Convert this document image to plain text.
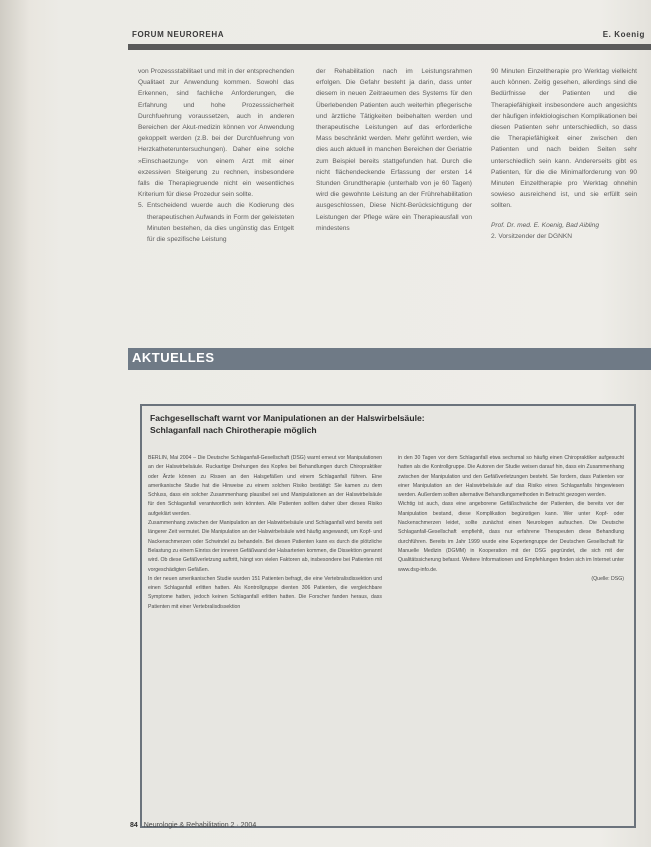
FORUM NEUROREHA	E. Koenig

von Prozessstabilitaet und mit in der entsprechenden Qualitaet zur Anwendung kommen. Sowohl das Erkennen, sind fachliche Anforderungen, die Erfahrung und hohe Prozesssicherheit Durchfuehrung voraussetzen, auch in anderen Bereichen der Akut-medizin können vor Anwendung gekoppelt werden (z.B. bei der Durchfuehrung von Herzkatheteruntersuchungen). Daher eine solche »Einschaetzung« von einem Arzt mit einer exzessiven Steigerung zu rechnen, insbesondere falls die Therapiegruende nicht ein wesentliches Kriterium für diese Prozedur sein sollte.

5. Entscheidend wuerde auch die Kodierung des therapeutischen Aufwands in Form der geleisteten Minuten bestehen, da dies ungünstig das Entgelt für die spezifische Leistung

der Rehabilitation nach im Leistungsrahmen erfolgen. Die Gefahr besteht ja darin, dass unter diesem in neuen Zeitraeumen des Systems für den Überlebenden Patienten auch weiterhin pflegerische und ärztliche Tätigkeiten beibehalten werden und therapeutische Leistungen auf das erforderliche Mass beschränkt werden. Mehr geführt werden, wie dies auch aktuell in manchen Bereichen der Geriatrie zum Beispiel bereits stattgefunden hat. Durch die nicht flächendeckende Erfassung der ersten 14 Stunden Grundtherapie (unterhalb von je 60 Tagen) wird die gewohnte Leistung an der Frührehabilitation ausgeschlossen, Diese Nicht-Berücksichtigung der Leistungen der Pflege wäre ein Therapieausfall von mindestens

90 Minuten Einzeltherapie pro Werktag vielleicht auch können. Zeitig gesehen, allerdings sind die Bedürfnisse der Patienten und die Therapiefähigkeit insbesondere auch angesichts der häufigen infektiologischen Komplikationen bei diesen Patienten sehr unterschiedlich, so dass die Therapiefähigkeit einer zwischen den Patienten und nach beiden Seiten sehr unterschiedlich sein kann. Andererseits gibt es Patienten, für die die Minimalforderung von 90 Minuten Einzeltherapie pro Werktag ohnehin sowieso ausreichend ist, und sie erfüllt sein sollten.

Prof. Dr. med. E. Koenig, Bad Aibling

2. Vorsitzender der DGNKN

AKTUELLES
Fachgesellschaft warnt vor Manipulationen an der Halswirbelsäule:
Schlaganfall nach Chirotherapie möglich

BERLIN, Mai 2004 – Die Deutsche Schlaganfall-Gesellschaft (DSG) warnt erneut vor Manipulationen an der Halswirbelsäule. Ruckartige Drehungen des Kopfes bei Behandlungen durch Chiropraktiker oder Ärzte können zu Rissen an den Halsgefäßen und einem Schlaganfall führen. Eine amerikanische Studie hat die Hinweise zu einem solchen Risiko bestätigt: Sie kamen zu dem Schluss, dass ein solcher Zusammenhang plausibel sei und Manipulationen an der Halswirbelsäule für den Schlaganfall verantwortlich sein könnten. Alle Patienten sollten daher über dieses Risiko aufgeklärt werden.

Zusammenhang zwischen der Manipulation an der Halswirbelsäule und Schlaganfall wird bereits seit längerer Zeit vermutet. Die Manipulation an der Halswirbelsäule wird häufig angewandt, um Kopf- und Nackenschmerzen oder Schwindel zu behandeln. Bei diesen Patienten kann es durch die plötzliche Belastung zu einem Einriss der inneren Gefäßwand der Halsarterien kommen, die Dissektion genannt wird. Ob diese Gefäßverletzung auftritt, hängt von vielen Faktoren ab, insbesondere bei Patienten mit vorgeschädigten Gefäßen.

In der neuen amerikanischen Studie wurden 151 Patienten befragt, die eine Vertebralisdissektion und einen Schlaganfall erlitten hatten. Als Kontrollgruppe dienten 306 Patienten, die vergleichbare Symptome hatten, jedoch keinen Schlaganfall erlitten hatten. Die Forscher fanden heraus, dass Patienten mit einer Vertebralisdissektion

in den 30 Tagen vor dem Schlaganfall etwa sechsmal so häufig einen Chiropraktiker aufgesucht hatten als die Kontrollgruppe. Die Autoren der Studie weisen darauf hin, dass ein Zusammenhang zwischen der Manipulation und den Gefäßverletzungen besteht. Sie fordern, dass Patienten vor einer Manipulation an der Halswirbelsäule auf das Risiko eines Schlaganfalls hingewiesen werden. Außerdem sollten alternative Behandlungsmethoden in Betracht gezogen werden.

Wichtig ist auch, dass eine angeborene Gefäßschwäche der Patienten, die bereits vor der Manipulation bestand, diese Komplikation begünstigen kann. Wer unter Kopf- oder Nackenschmerzen leidet, sollte zunächst einen Neurologen aufsuchen. Die Deutsche Schlaganfall-Gesellschaft empfiehlt, dass nur erfahrene Therapeuten diese Behandlung durchführen. Bereits im Jahr 1999 wurde eine Expertengruppe der Deutschen Gesellschaft für Manuelle Medizin (DGMM) in Kooperation mit der DSG gegründet, die sich mit der Qualitätssicherung befasst. Weitere Informationen und Empfehlungen finden sich im Internet unter www.dsg-info.de.

(Quelle: DSG)

84 Neurologie & Rehabilitation 2 · 2004
